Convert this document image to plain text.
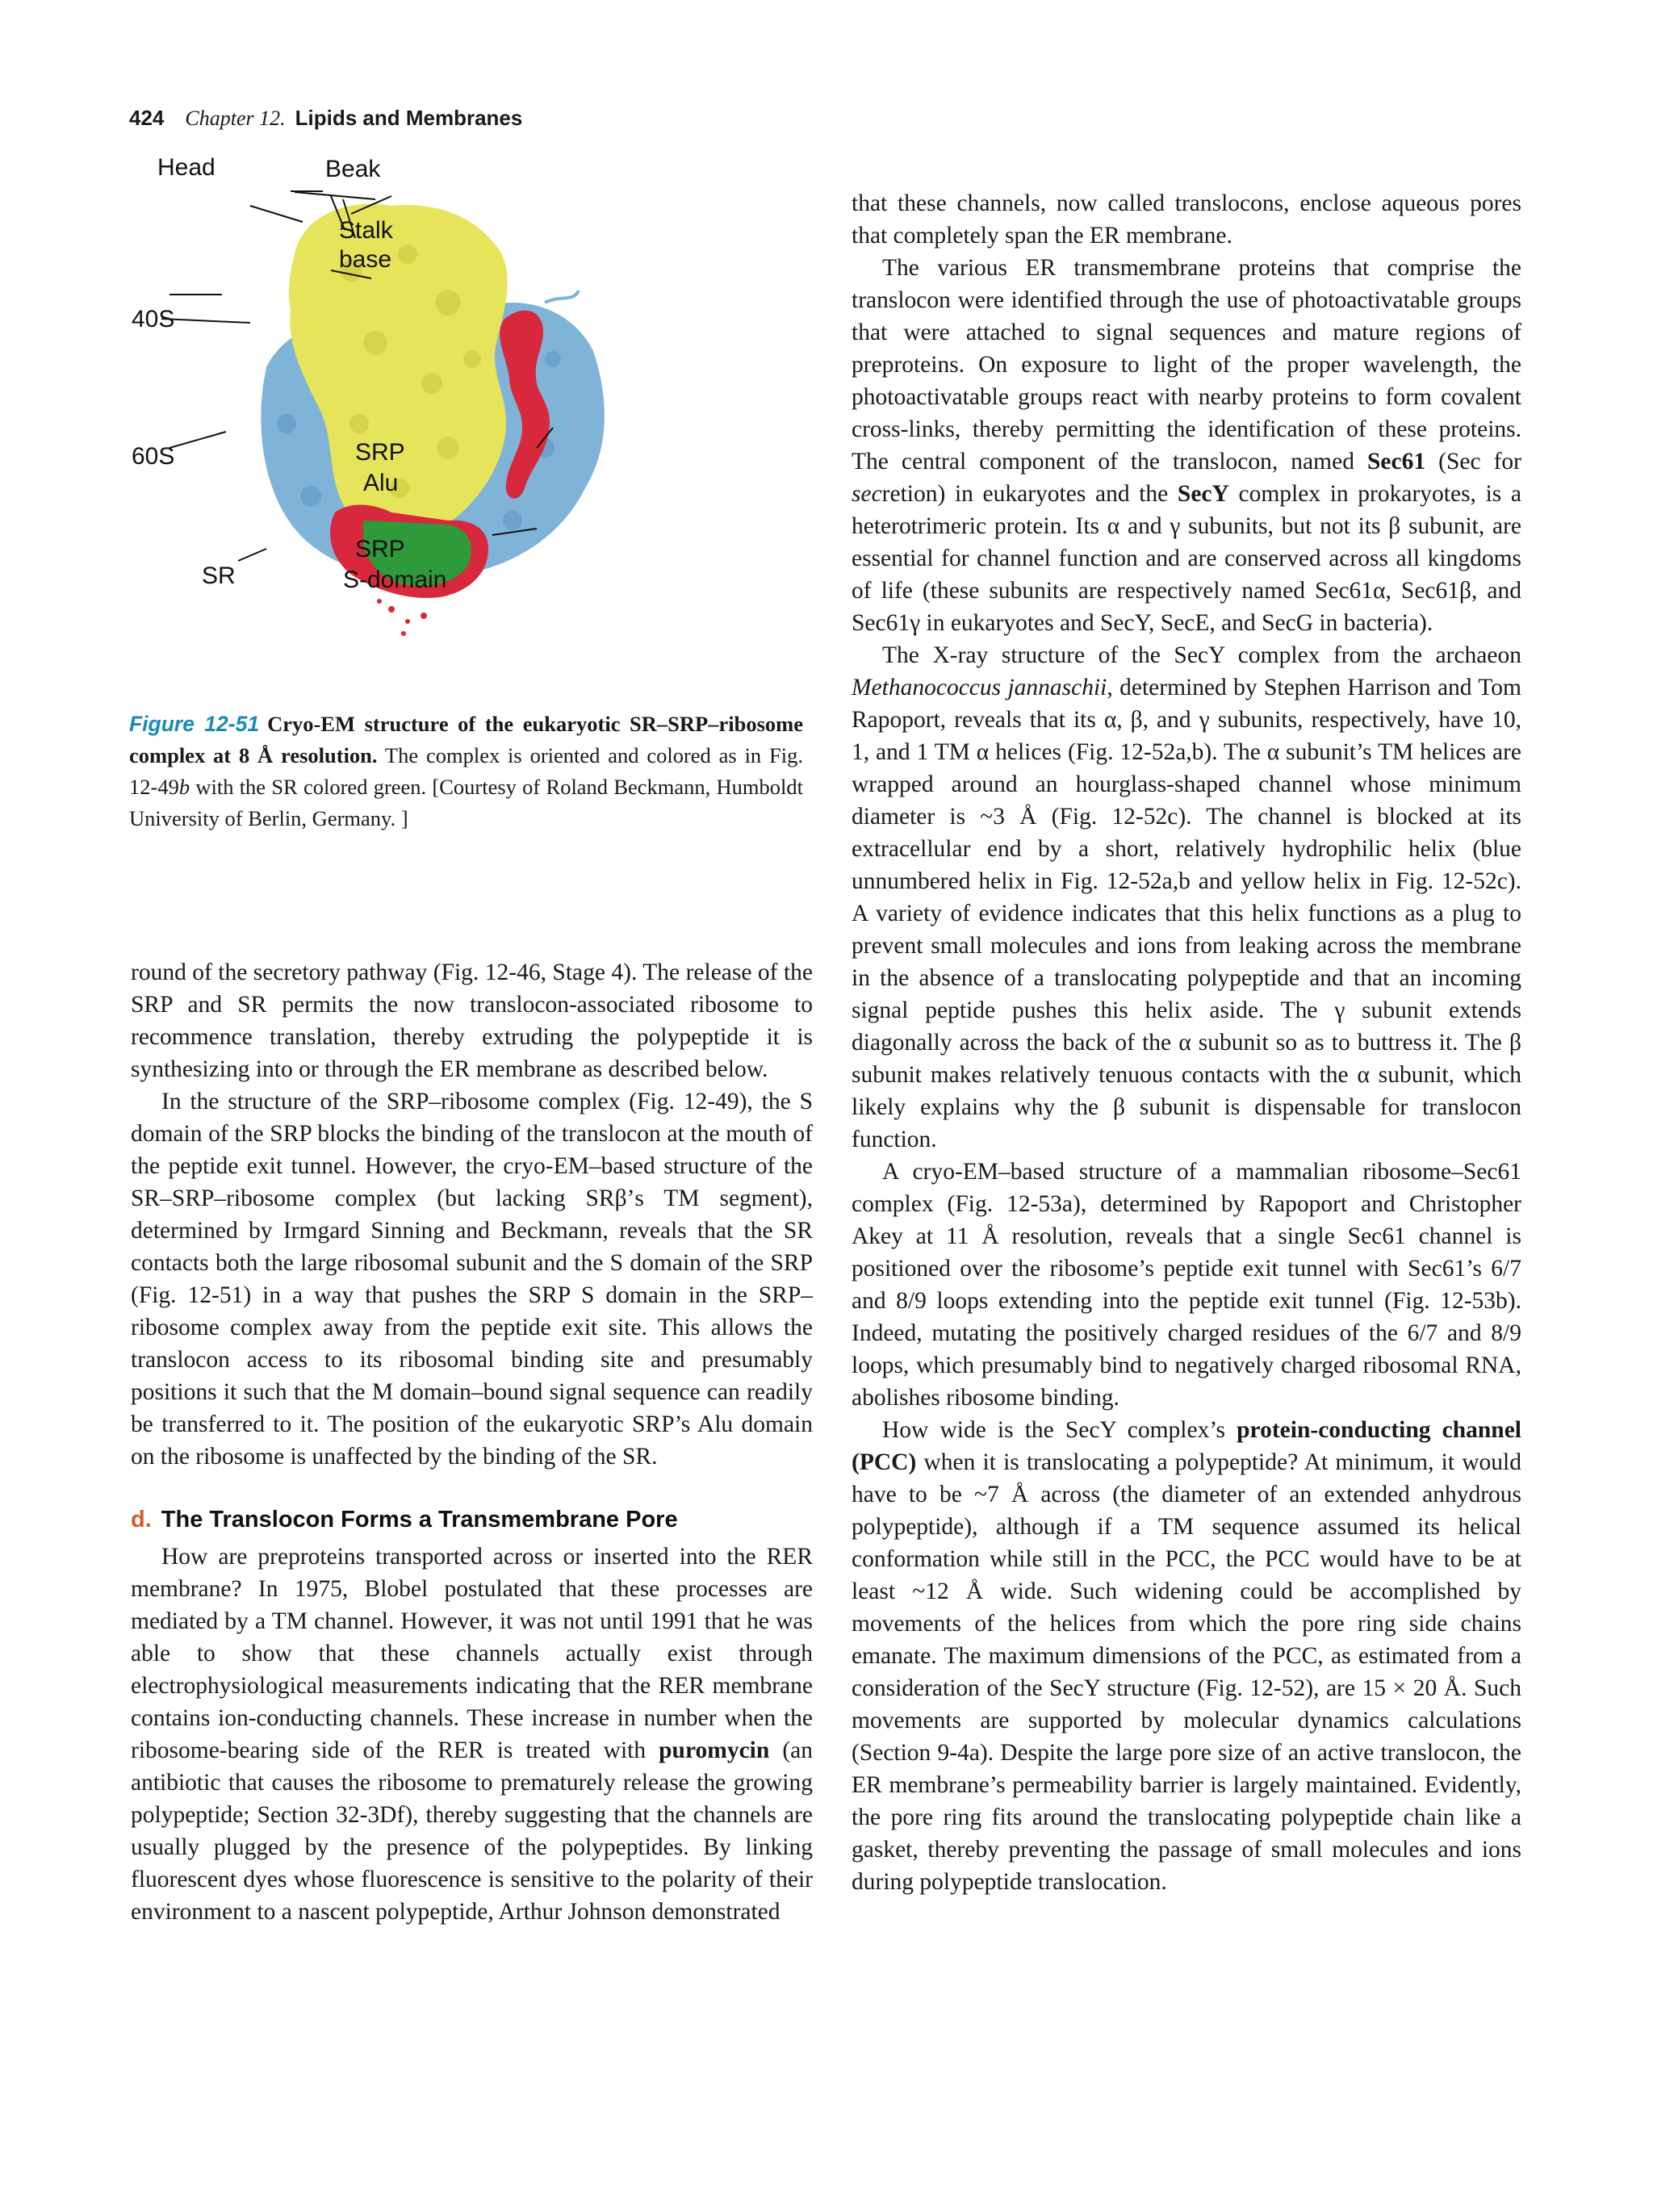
424 Chapter 12. Lipids and Membranes
Head	Beak
Stalk
base
40S
SRP
Alu
60S
SRP
S-domain
SR
Figure 12-51 Cryo-EM structure of the eukaryotic SR–SRP–ribosome complex at 8 Å resolution. The complex is oriented and colored as in Fig. 12-49b with the SR colored green. [Courtesy of Roland Beckmann, Humboldt University of Berlin, Germany. ]

round of the secretory pathway (Fig. 12-46, Stage 4). The release of the SRP and SR permits the now translocon-associated ribosome to recommence translation, thereby extruding the polypeptide it is synthesizing into or through the ER membrane as described below.

In the structure of the SRP–ribosome complex (Fig. 12-49), the S domain of the SRP blocks the binding of the translocon at the mouth of the peptide exit tunnel. However, the cryo-EM–based structure of the SR–SRP–ribosome complex (but lacking SRβ’s TM segment), determined by Irmgard Sinning and Beckmann, reveals that the SR contacts both the large ribosomal subunit and the S domain of the SRP (Fig. 12-51) in a way that pushes the SRP S domain in the SRP–ribosome complex away from the peptide exit site. This allows the translocon access to its ribosomal binding site and presumably positions it such that the M domain–bound signal sequence can readily be transferred to it. The position of the eukaryotic SRP’s Alu domain on the ribosome is unaffected by the binding of the SR.

d. The Translocon Forms a Transmembrane Pore

How are preproteins transported across or inserted into the RER membrane? In 1975, Blobel postulated that these processes are mediated by a TM channel. However, it was not until 1991 that he was able to show that these channels actually exist through electrophysiological measurements indicating that the RER membrane contains ion-conducting channels. These increase in number when the ribosome-bearing side of the RER is treated with puromycin (an antibiotic that causes the ribosome to prematurely release the growing polypeptide; Section 32-3Df), thereby suggesting that the channels are usually plugged by the presence of the polypeptides. By linking fluorescent dyes whose fluorescence is sensitive to the polarity of their environment to a nascent polypeptide, Arthur Johnson demonstrated

that these channels, now called translocons, enclose aqueous pores that completely span the ER membrane.

The various ER transmembrane proteins that comprise the translocon were identified through the use of photoactivatable groups that were attached to signal sequences and mature regions of preproteins. On exposure to light of the proper wavelength, the photoactivatable groups react with nearby proteins to form covalent cross-links, thereby permitting the identification of these proteins. The central component of the translocon, named Sec61 (Sec for secretion) in eukaryotes and the SecY complex in prokaryotes, is a heterotrimeric protein. Its α and γ subunits, but not its β subunit, are essential for channel function and are conserved across all kingdoms of life (these subunits are respectively named Sec61α, Sec61β, and Sec61γ in eukaryotes and SecY, SecE, and SecG in bacteria).

The X-ray structure of the SecY complex from the archaeon Methanococcus jannaschii, determined by Stephen Harrison and Tom Rapoport, reveals that its α, β, and γ subunits, respectively, have 10, 1, and 1 TM α helices (Fig. 12-52a,b). The α subunit’s TM helices are wrapped around an hourglass-shaped channel whose minimum diameter is ~3 Å (Fig. 12-52c). The channel is blocked at its extracellular end by a short, relatively hydrophilic helix (blue unnumbered helix in Fig. 12-52a,b and yellow helix in Fig. 12-52c). A variety of evidence indicates that this helix functions as a plug to prevent small molecules and ions from leaking across the membrane in the absence of a translocating polypeptide and that an incoming signal peptide pushes this helix aside. The γ subunit extends diagonally across the back of the α subunit so as to buttress it. The β subunit makes relatively tenuous contacts with the α subunit, which likely explains why the β subunit is dispensable for translocon function.

A cryo-EM–based structure of a mammalian ribosome–Sec61 complex (Fig. 12-53a), determined by Rapoport and Christopher Akey at 11 Å resolution, reveals that a single Sec61 channel is positioned over the ribosome’s peptide exit tunnel with Sec61’s 6/7 and 8/9 loops extending into the peptide exit tunnel (Fig. 12-53b). Indeed, mutating the positively charged residues of the 6/7 and 8/9 loops, which presumably bind to negatively charged ribosomal RNA, abolishes ribosome binding.

How wide is the SecY complex’s protein-conducting channel (PCC) when it is translocating a polypeptide? At minimum, it would have to be ~7 Å across (the diameter of an extended anhydrous polypeptide), although if a TM sequence assumed its helical conformation while still in the PCC, the PCC would have to be at least ~12 Å wide. Such widening could be accomplished by movements of the helices from which the pore ring side chains emanate. The maximum dimensions of the PCC, as estimated from a consideration of the SecY structure (Fig. 12-52), are 15 × 20 Å. Such movements are supported by molecular dynamics calculations (Section 9-4a). Despite the large pore size of an active translocon, the ER membrane’s permeability barrier is largely maintained. Evidently, the pore ring fits around the translocating polypeptide chain like a gasket, thereby preventing the passage of small molecules and ions during polypeptide translocation.
